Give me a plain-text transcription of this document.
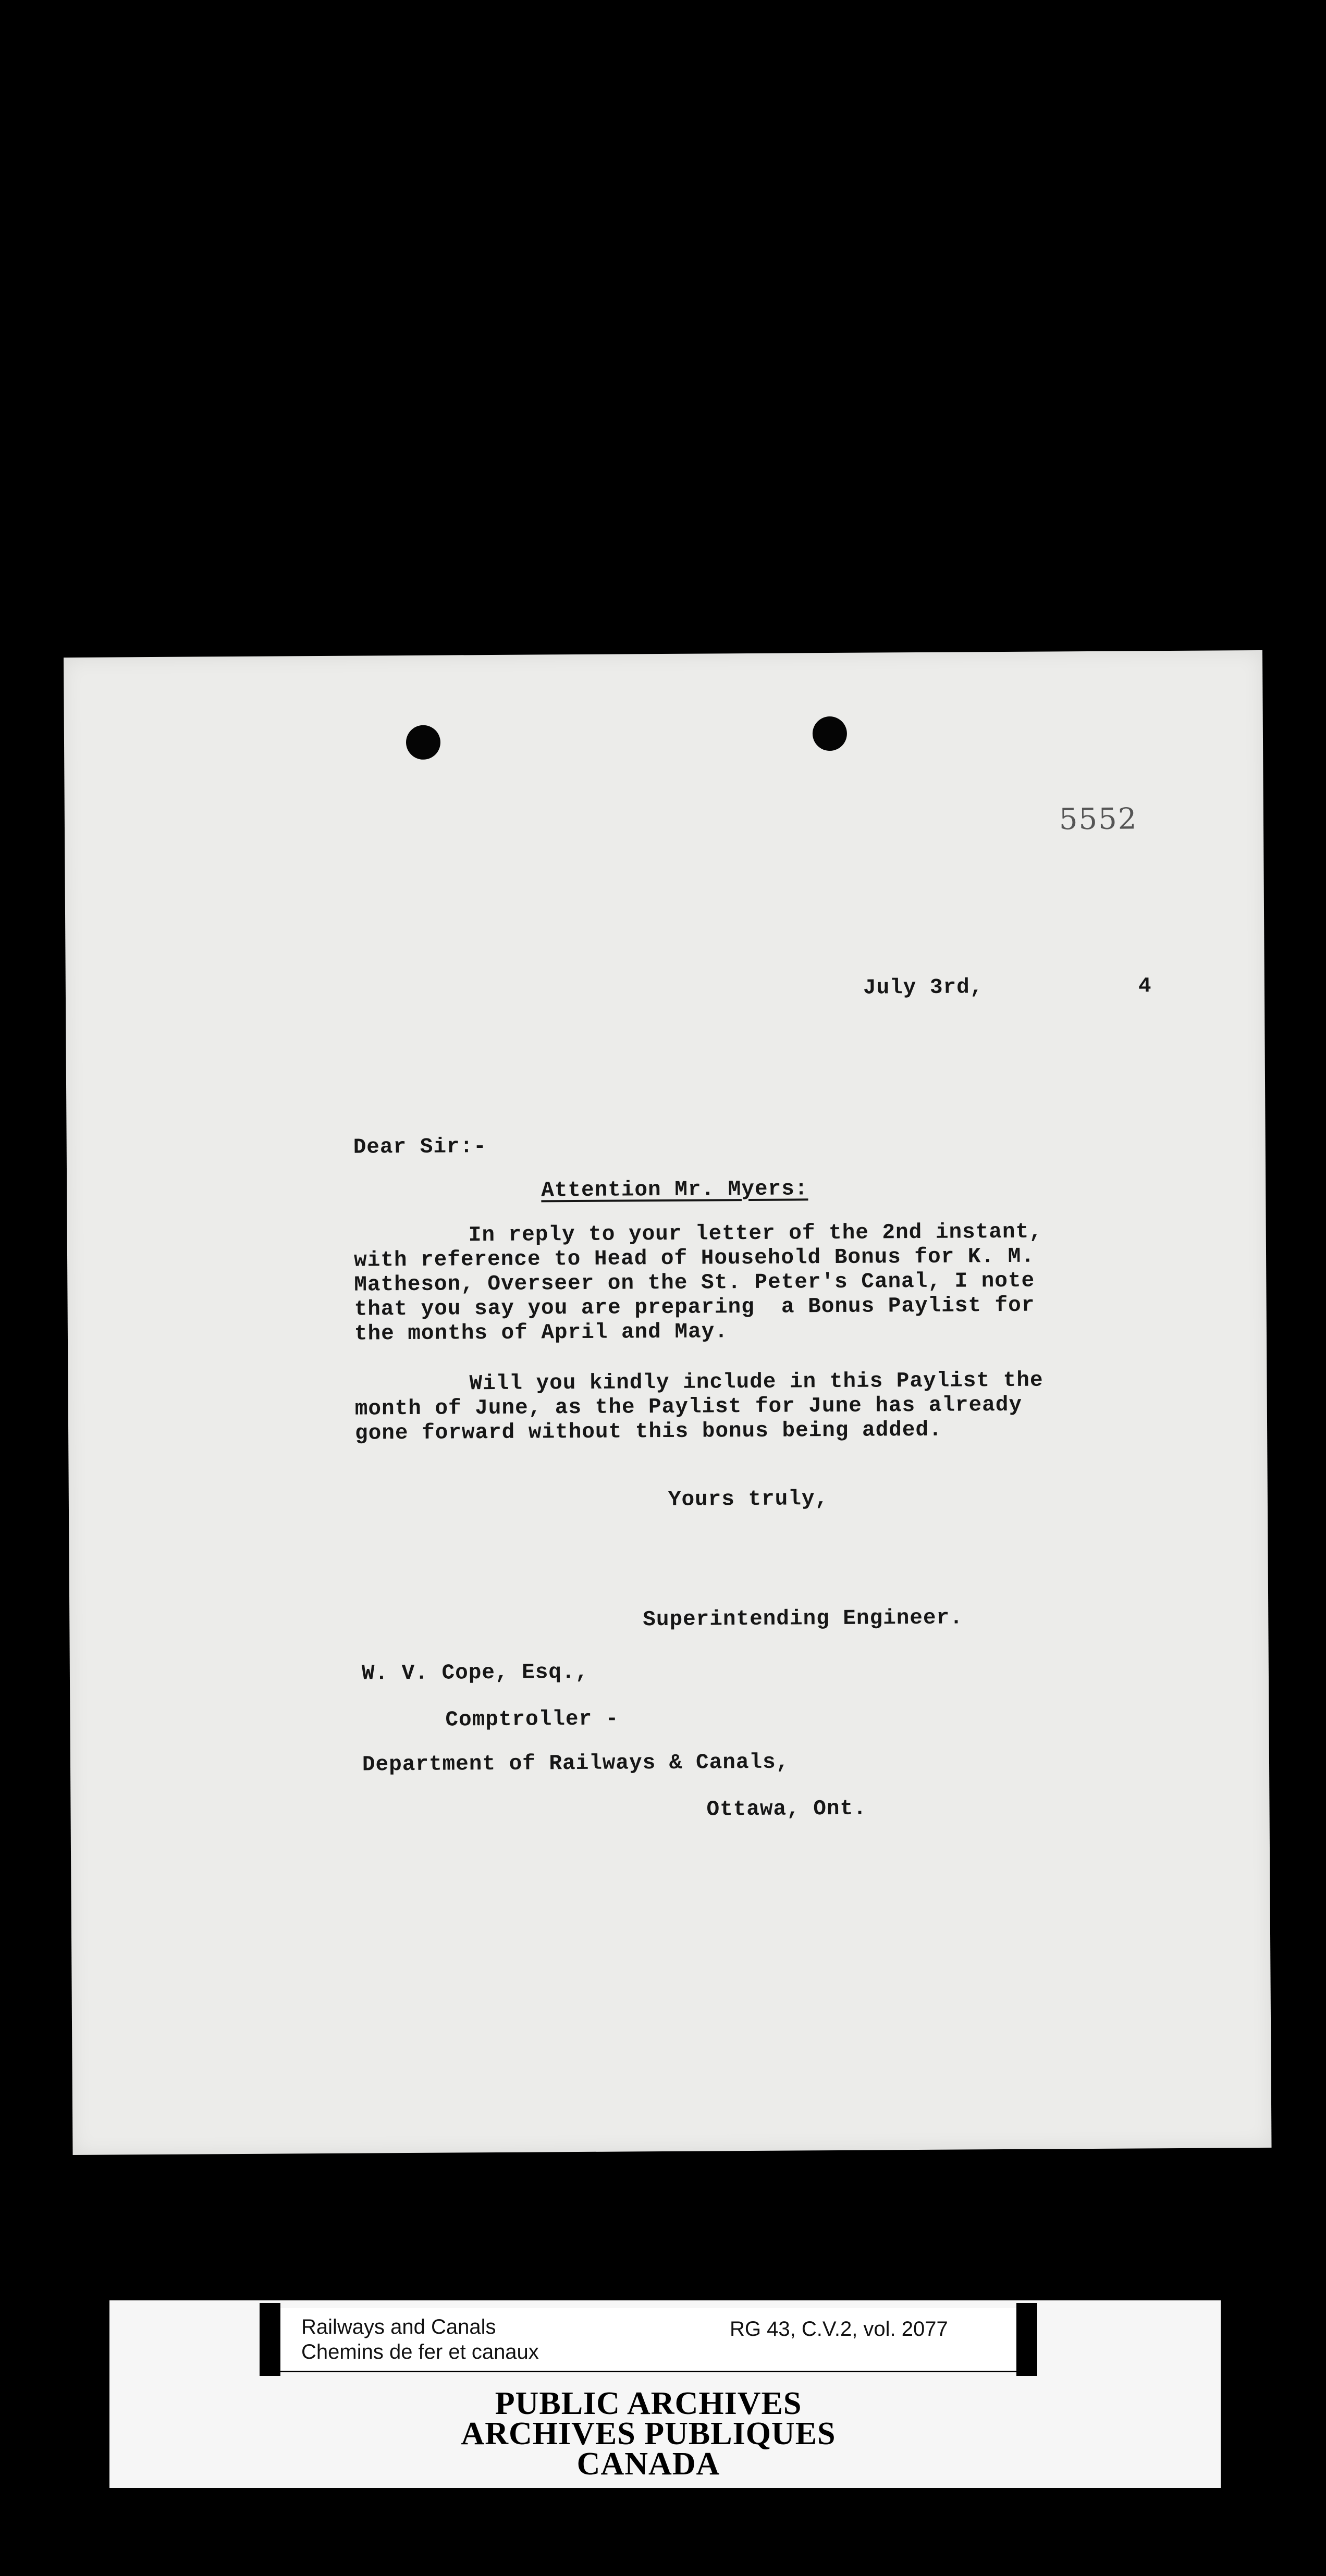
5552
July 3rd,	4
Dear Sir:-
Attention Mr. Myers:
In reply to your letter of the 2nd instant,
with reference to Head of Household Bonus for K. M.
Matheson, Overseer on the St. Peter's Canal, I note
that you say you are preparing  a Bonus Paylist for
the months of April and May.
Will you kindly include in this Paylist the
month of June, as the Paylist for June has already
gone forward without this bonus being added.
Yours truly,
Superintending Engineer.
W. V. Cope, Esq.,
Comptroller -
Department of Railways & Canals,
Ottawa, Ont.
Railways and Canals
Chemins de fer et canaux
RG 43, C.V.2, vol. 2077
PUBLIC ARCHIVES
ARCHIVES PUBLIQUES
CANADA
